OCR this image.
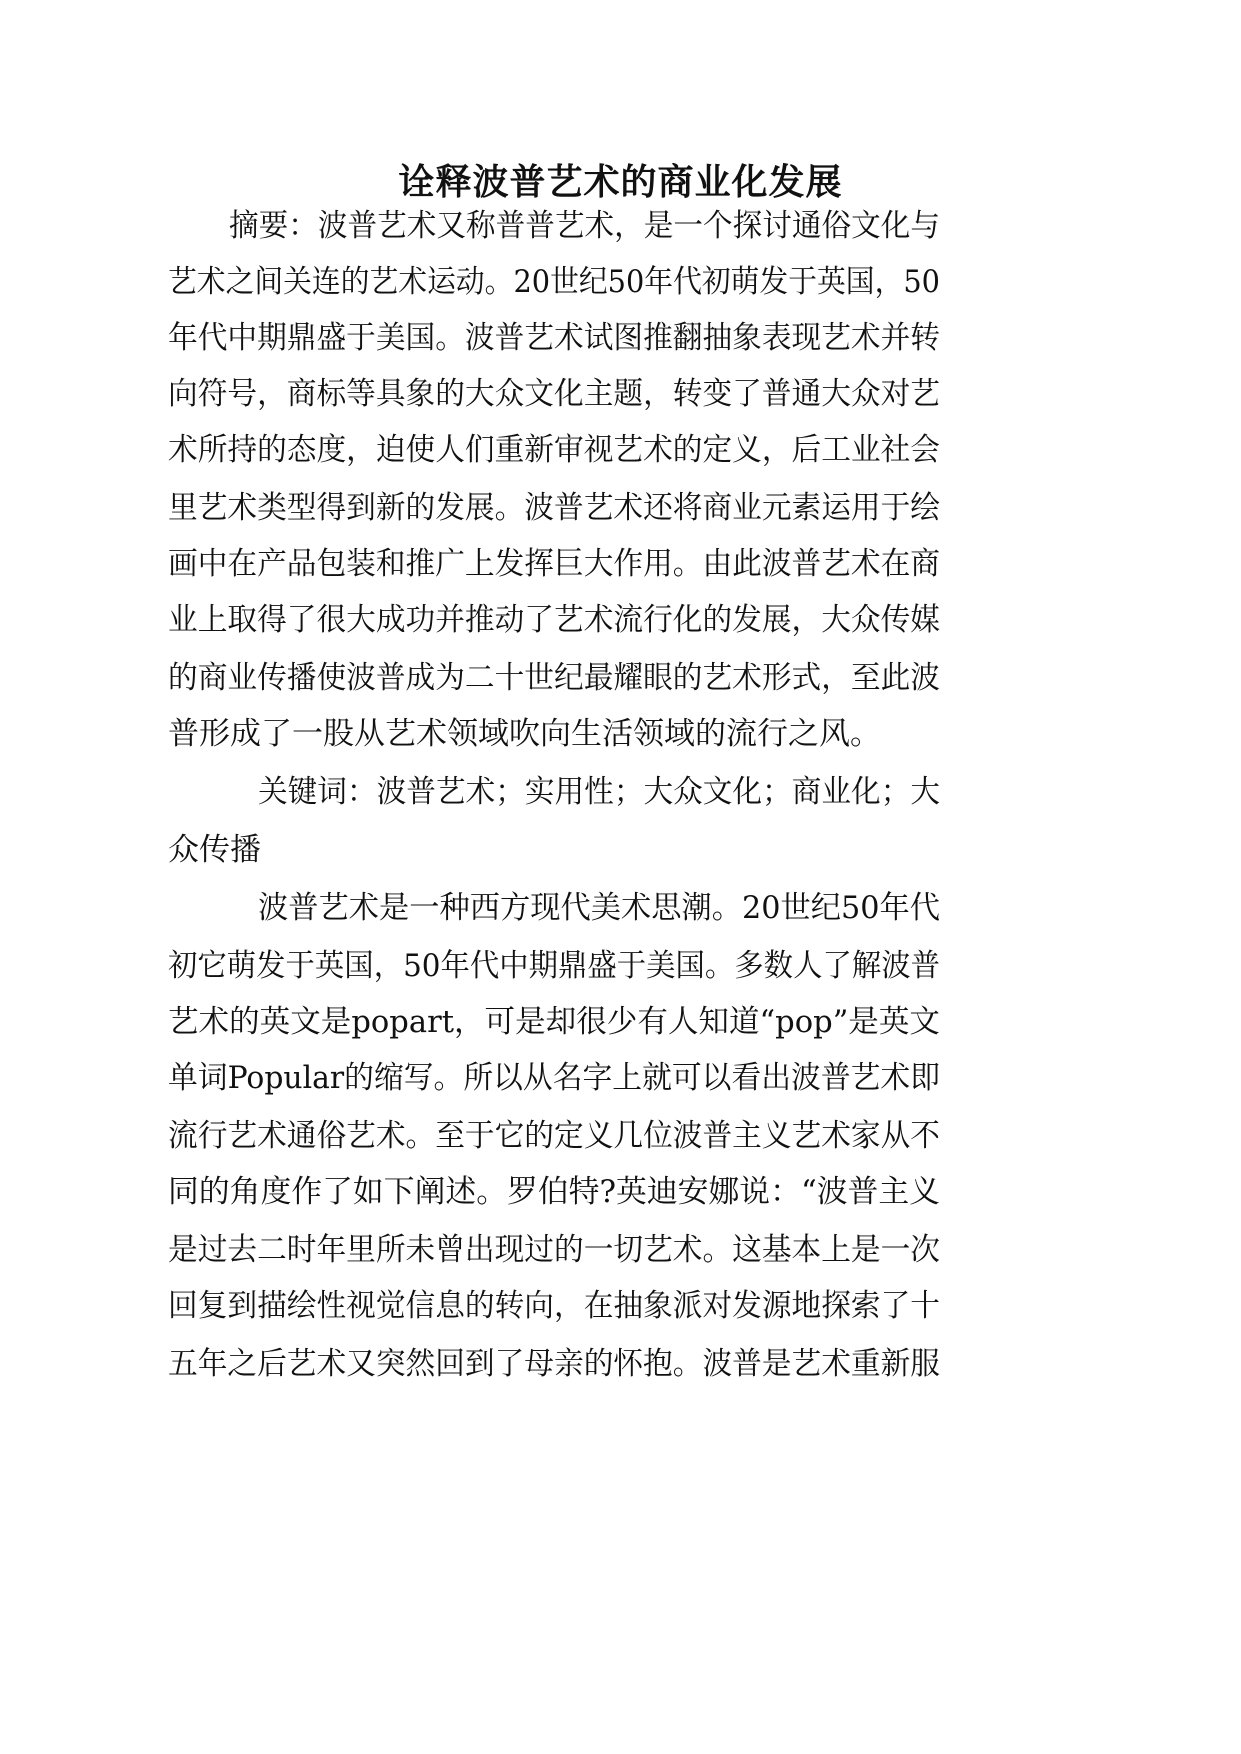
诠释波普艺术的商业化发展
摘要：波普艺术又称普普艺术，是一个探讨通俗文化与
艺术之间关连的艺术运动。20世纪50年代初萌发于英国，50
年代中期鼎盛于美国。波普艺术试图推翻抽象表现艺术并转
向符号，商标等具象的大众文化主题，转变了普通大众对艺
术所持的态度，迫使人们重新审视艺术的定义，后工业社会
里艺术类型得到新的发展。波普艺术还将商业元素运用于绘
画中在产品包装和推广上发挥巨大作用。由此波普艺术在商
业上取得了很大成功并推动了艺术流行化的发展，大众传媒
的商业传播使波普成为二十世纪最耀眼的艺术形式，至此波
普形成了一股从艺术领域吹向生活领域的流行之风。
关键词：波普艺术；实用性；大众文化；商业化；大
众传播
波普艺术是一种西方现代美术思潮。20世纪50年代
初它萌发于英国，50年代中期鼎盛于美国。多数人了解波普
艺术的英文是popart，可是却很少有人知道“pop”是英文
单词Popular的缩写。所以从名字上就可以看出波普艺术即
流行艺术通俗艺术。至于它的定义几位波普主义艺术家从不
同的角度作了如下阐述。罗伯特?英迪安娜说：“波普主义
是过去二时年里所未曾出现过的一切艺术。这基本上是一次
回复到描绘性视觉信息的转向，在抽象派对发源地探索了十
五年之后艺术又突然回到了母亲的怀抱。波普是艺术重新服
